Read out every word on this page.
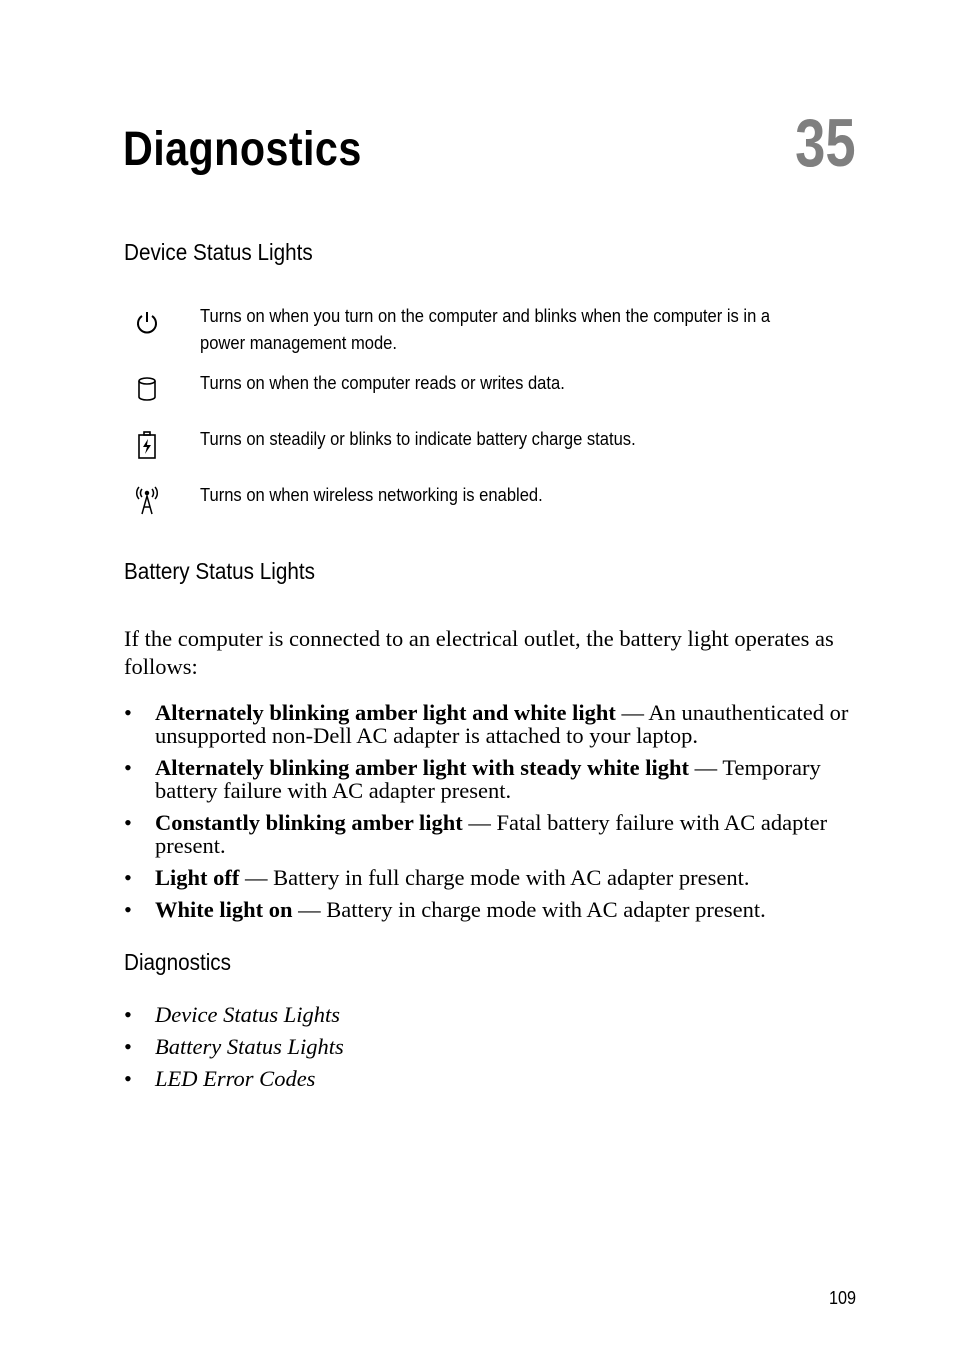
Diagnostics	35
Device Status Lights
Turns on when you turn on the computer and blinks when the computer is in a power management mode.
Turns on when the computer reads or writes data.
Turns on steadily or blinks to indicate battery charge status.
Turns on when wireless networking is enabled.
Battery Status Lights

If the computer is connected to an electrical outlet, the battery light operates as follows:

• Alternately blinking amber light and white light — An unauthenticated or unsupported non-Dell AC adapter is attached to your laptop.
• Alternately blinking amber light with steady white light — Temporary battery failure with AC adapter present.
• Constantly blinking amber light — Fatal battery failure with AC adapter present.
• Light off — Battery in full charge mode with AC adapter present.
• White light on — Battery in charge mode with AC adapter present.
Diagnostics
• Device Status Lights
• Battery Status Lights
• LED Error Codes
109
